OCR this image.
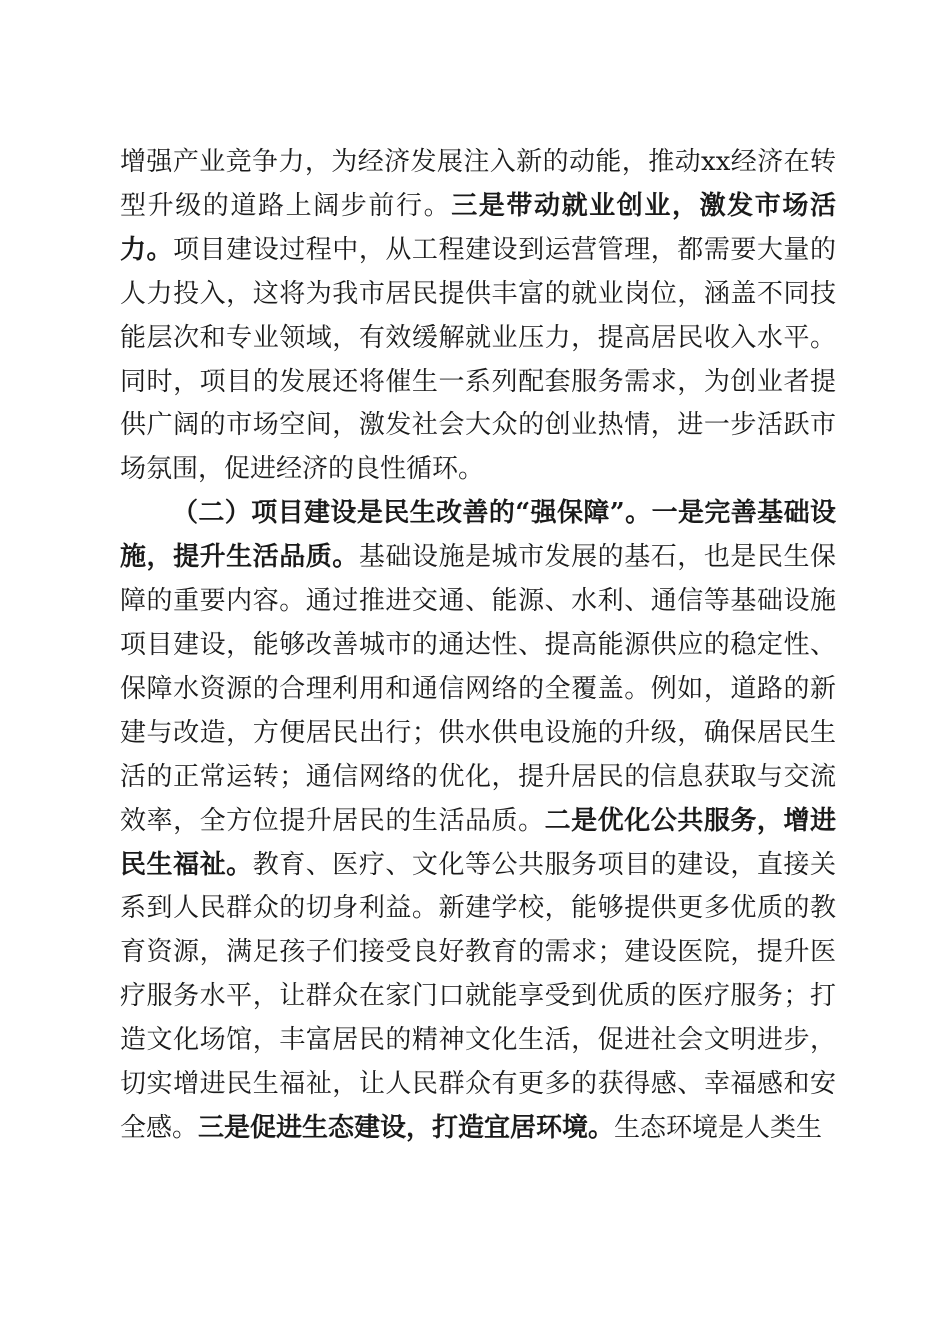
增强产业竞争力，为经济发展注入新的动能，推动xx经济在转型升级的道路上阔步前行。三是带动就业创业，激发市场活力。项目建设过程中，从工程建设到运营管理，都需要大量的人力投入，这将为我市居民提供丰富的就业岗位，涵盖不同技能层次和专业领域，有效缓解就业压力，提高居民收入水平。同时，项目的发展还将催生一系列配套服务需求，为创业者提供广阔的市场空间，激发社会大众的创业热情，进一步活跃市场氛围，促进经济的良性循环。

（二）项目建设是民生改善的“强保障”。一是完善基础设施，提升生活品质。基础设施是城市发展的基石，也是民生保障的重要内容。通过推进交通、能源、水利、通信等基础设施项目建设，能够改善城市的通达性、提高能源供应的稳定性、保障水资源的合理利用和通信网络的全覆盖。例如，道路的新建与改造，方便居民出行；供水供电设施的升级，确保居民生活的正常运转；通信网络的优化，提升居民的信息获取与交流效率，全方位提升居民的生活品质。二是优化公共服务，增进民生福祉。教育、医疗、文化等公共服务项目的建设，直接关系到人民群众的切身利益。新建学校，能够提供更多优质的教育资源，满足孩子们接受良好教育的需求；建设医院，提升医疗服务水平，让群众在家门口就能享受到优质的医疗服务；打造文化场馆，丰富居民的精神文化生活，促进社会文明进步，切实增进民生福祉，让人民群众有更多的获得感、幸福感和安全感。三是促进生态建设，打造宜居环境。生态环境是人类生
